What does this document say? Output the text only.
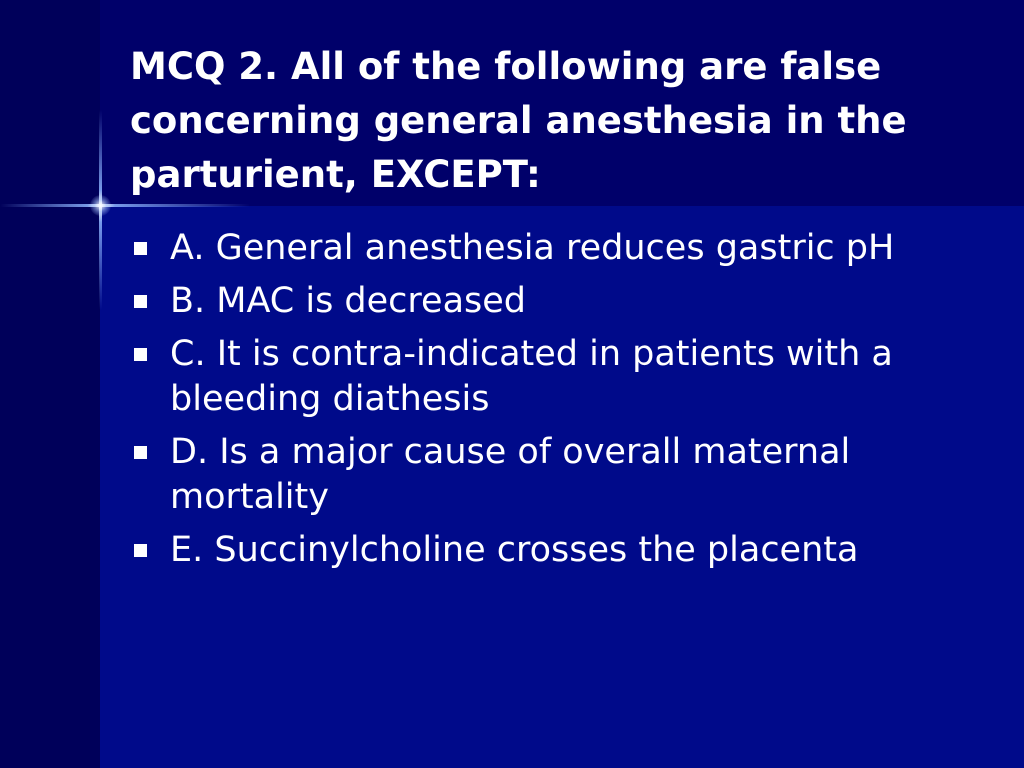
MCQ 2. All of the following are false concerning general anesthesia in the parturient, EXCEPT:
A. General anesthesia reduces gastric pH
B. MAC is decreased
C. It is contra-indicated in patients with a bleeding diathesis
D. Is a major cause of overall maternal mortality
E. Succinylcholine crosses the placenta
